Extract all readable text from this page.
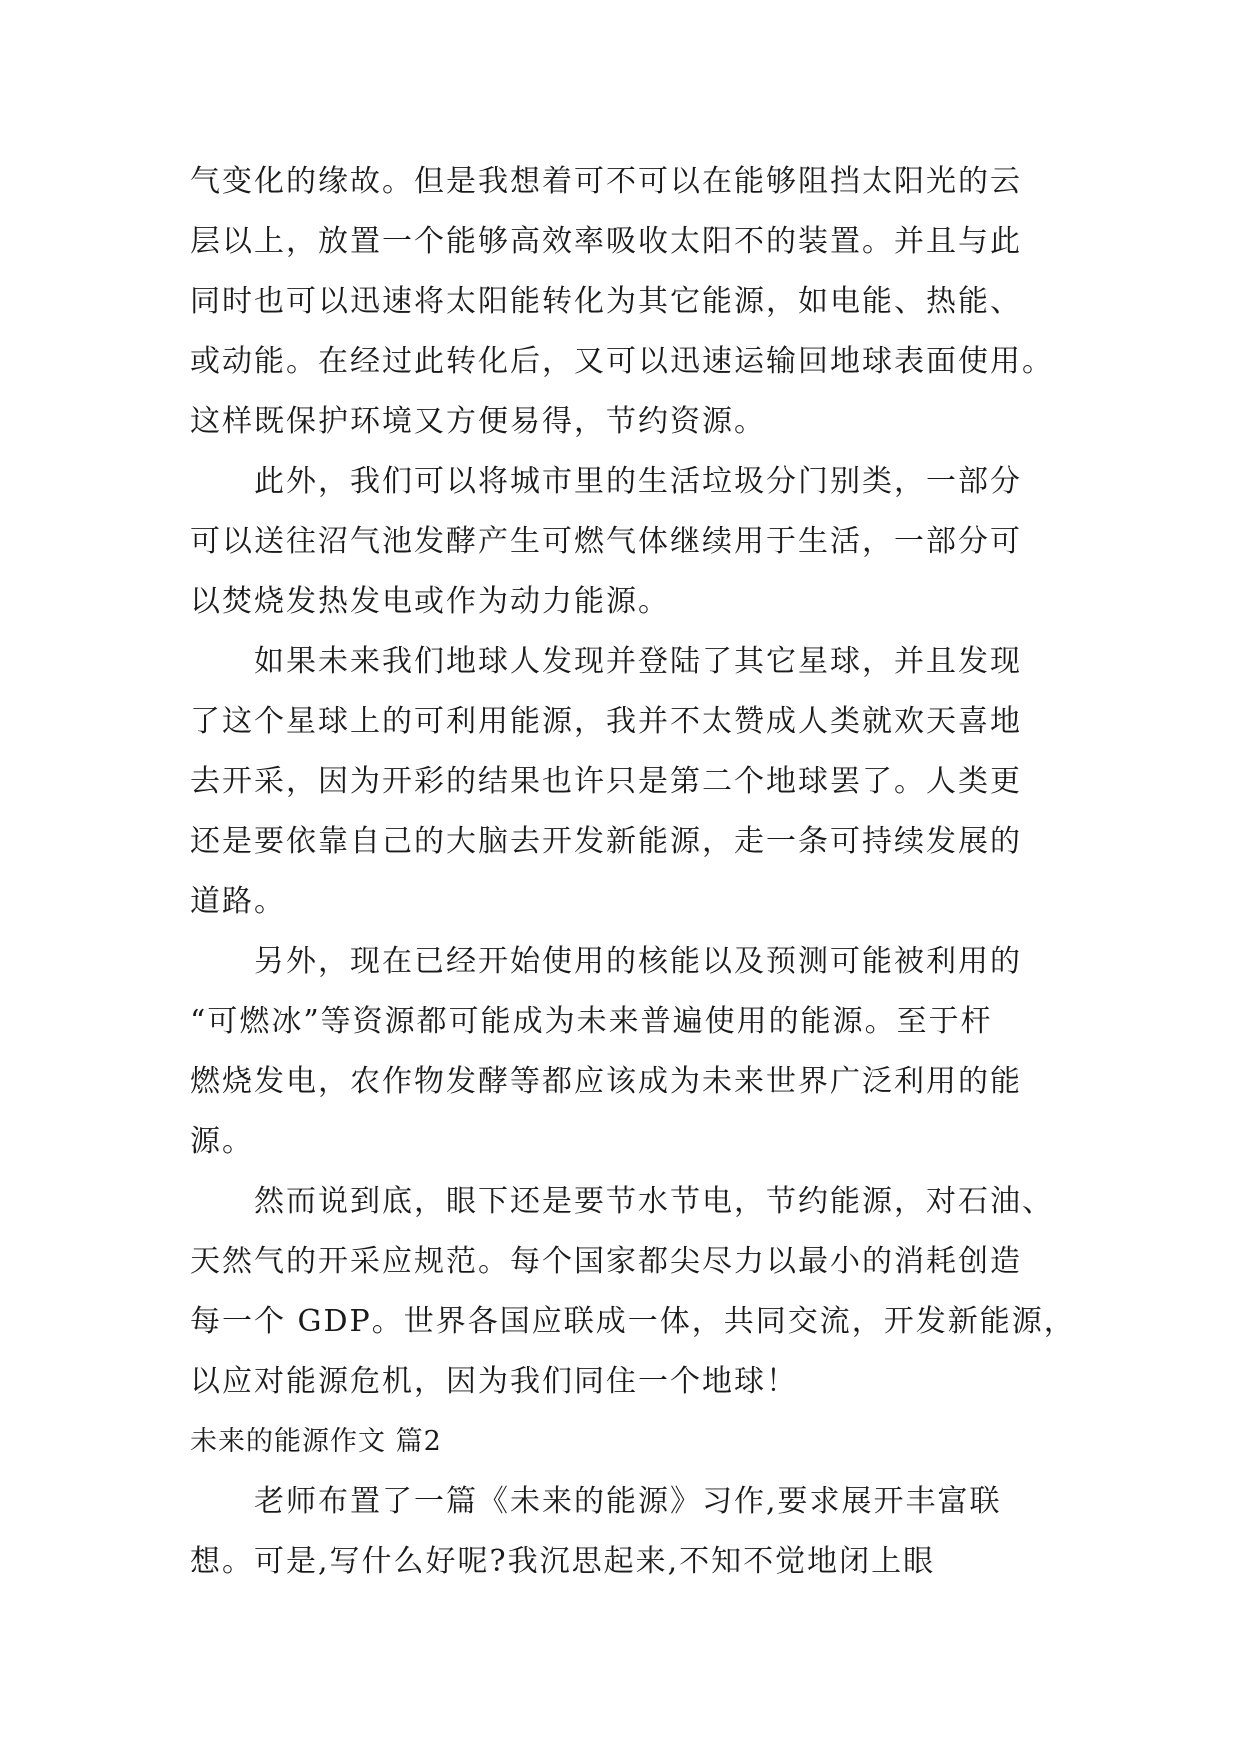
气变化的缘故。但是我想着可不可以在能够阻挡太阳光的云
层以上，放置一个能够高效率吸收太阳不的装置。并且与此
同时也可以迅速将太阳能转化为其它能源，如电能、热能、
或动能。在经过此转化后，又可以迅速运输回地球表面使用。
这样既保护环境又方便易得，节约资源。
此外，我们可以将城市里的生活垃圾分门别类，一部分
可以送往沼气池发酵产生可燃气体继续用于生活，一部分可
以焚烧发热发电或作为动力能源。
如果未来我们地球人发现并登陆了其它星球，并且发现
了这个星球上的可利用能源，我并不太赞成人类就欢天喜地
去开采，因为开彩的结果也许只是第二个地球罢了。人类更
还是要依靠自己的大脑去开发新能源，走一条可持续发展的
道路。
另外，现在已经开始使用的核能以及预测可能被利用的
“可燃冰”等资源都可能成为未来普遍使用的能源。至于杆
燃烧发电，农作物发酵等都应该成为未来世界广泛利用的能
源。
然而说到底，眼下还是要节水节电，节约能源，对石油、
天然气的开采应规范。每个国家都尖尽力以最小的消耗创造
每一个 GDP。世界各国应联成一体，共同交流，开发新能源，
以应对能源危机，因为我们同住一个地球！
未来的能源作文 篇2
老师布置了一篇《未来的能源》习作,要求展开丰富联
想。可是,写什么好呢?我沉思起来,不知不觉地闭上眼
